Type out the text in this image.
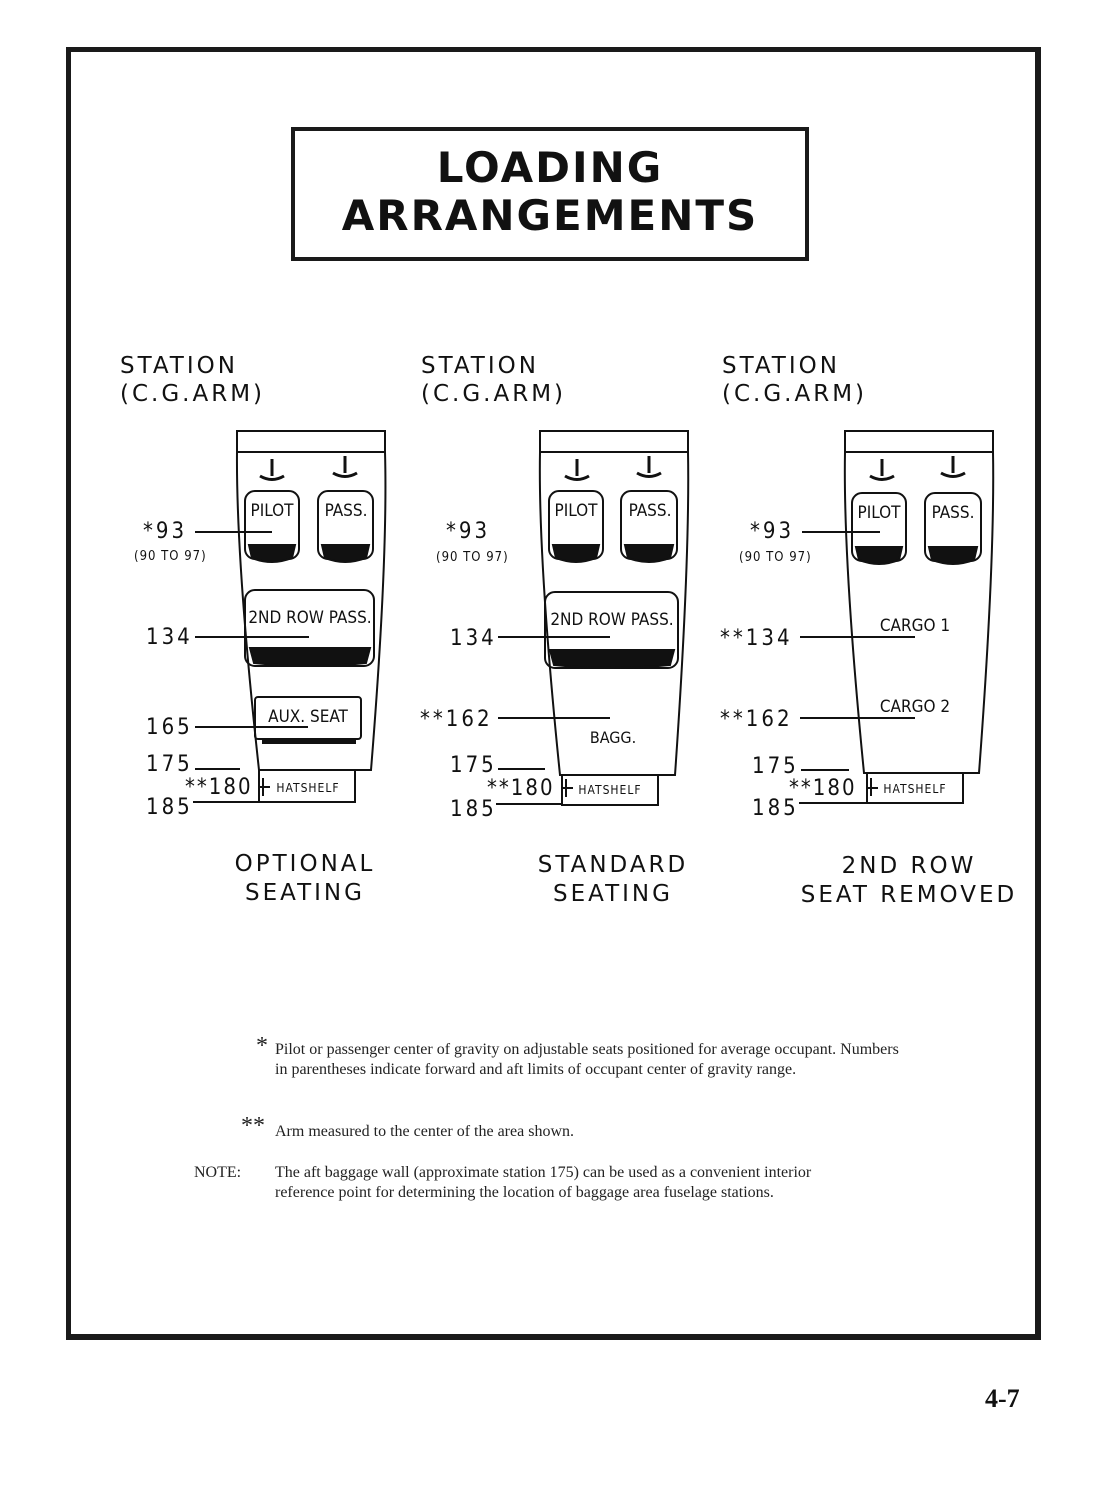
LOADING
ARRANGEMENTS
STATION
(C.G.ARM)
STATION
(C.G.ARM)
STATION
(C.G.ARM)
PILOT PASS.
2ND ROW PASS.
AUX. SEAT
HATSHELF
PILOT PASS.
2ND ROW PASS.
BAGG.
HATSHELF
PILOT PASS.
CARGO 1
CARGO 2
HATSHELF
*93
(90 TO 97)
134
165
175
**180
185
*93
(90 TO 97)
134
**162
175
**180
185
*93
(90 TO 97)
**134
**162
175
**180
185
OPTIONAL
SEATING
STANDARD
SEATING
2ND ROW
SEAT REMOVED
* Pilot or passenger center of gravity on adjustable seats positioned for average occupant. Numbers in parentheses indicate forward and aft limits of occupant center of gravity range.
** Arm measured to the center of the area shown.
NOTE: The aft baggage wall (approximate station 175) can be used as a convenient interior reference point for determining the location of baggage area fuselage stations.
4-7
